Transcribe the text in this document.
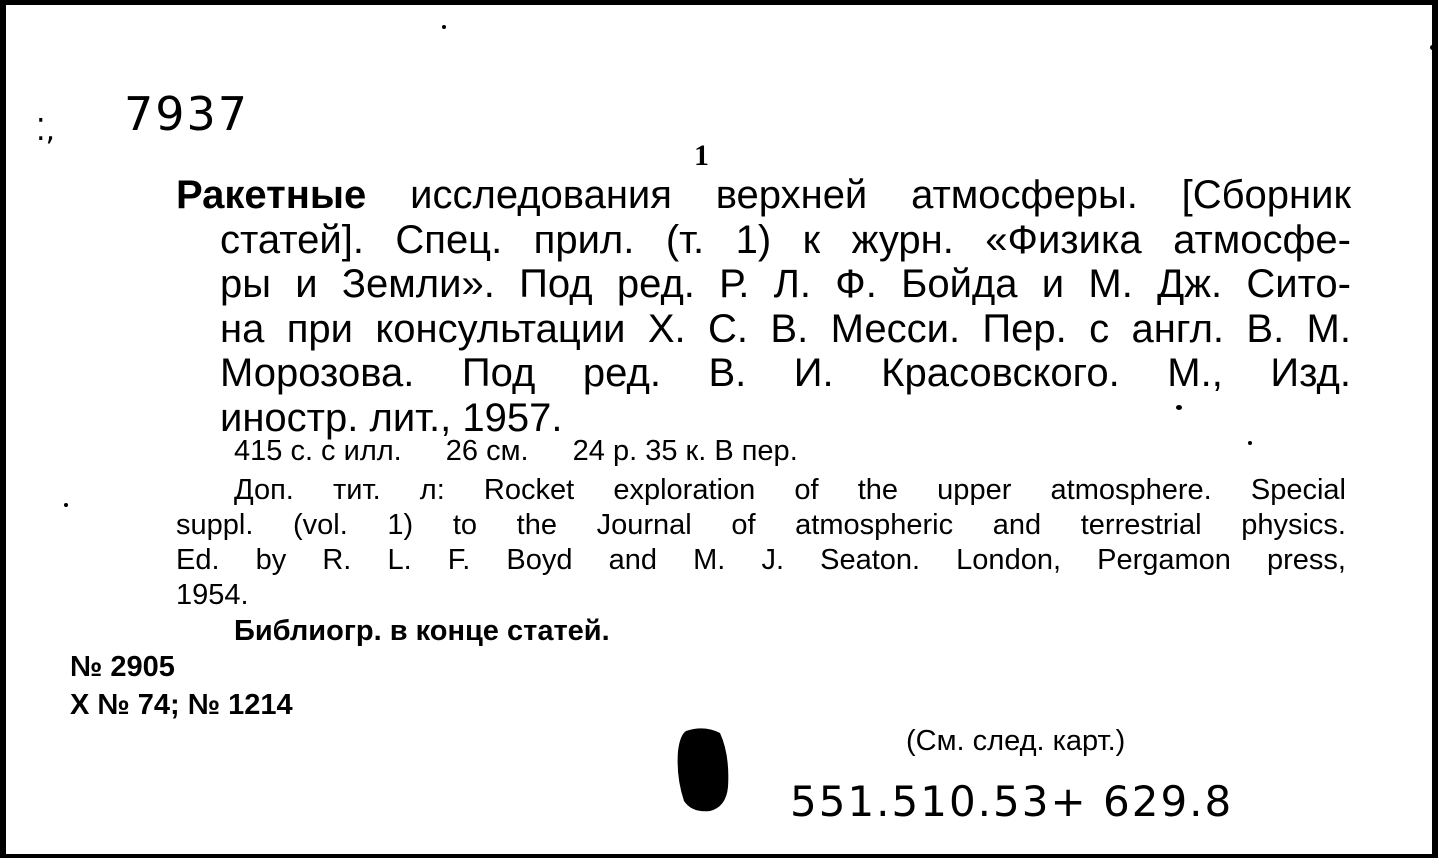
⁚, 7937
1
Ракетные исследования верхней атмосферы. [Сборник
статей]. Спец. прил. (т. 1) к журн. «Физика атмосфе-
ры и Земли». Под ред. Р. Л. Ф. Бойда и М. Дж. Сито-
на при консультации X. С. В. Месси. Пер. с англ. В. М.
Морозова. Под ред. В. И. Красовского. М., Изд.
иностр. лит., 1957.
415 с. с илл. 26 см. 24 р. 35 к. В пер.
Доп. тит. л: Rocket exploration of the upper atmosphere. Special
suppl. (vol. 1) to the Journal of atmospheric and terrestrial physics.
Ed. by R. L. F. Boyd and M. J. Seaton. London, Pergamon press,
1954.
Библиогр. в конце статей.
№ 2905
X № 74; № 1214
(См. след. карт.)
551.510.53+ 629.8
